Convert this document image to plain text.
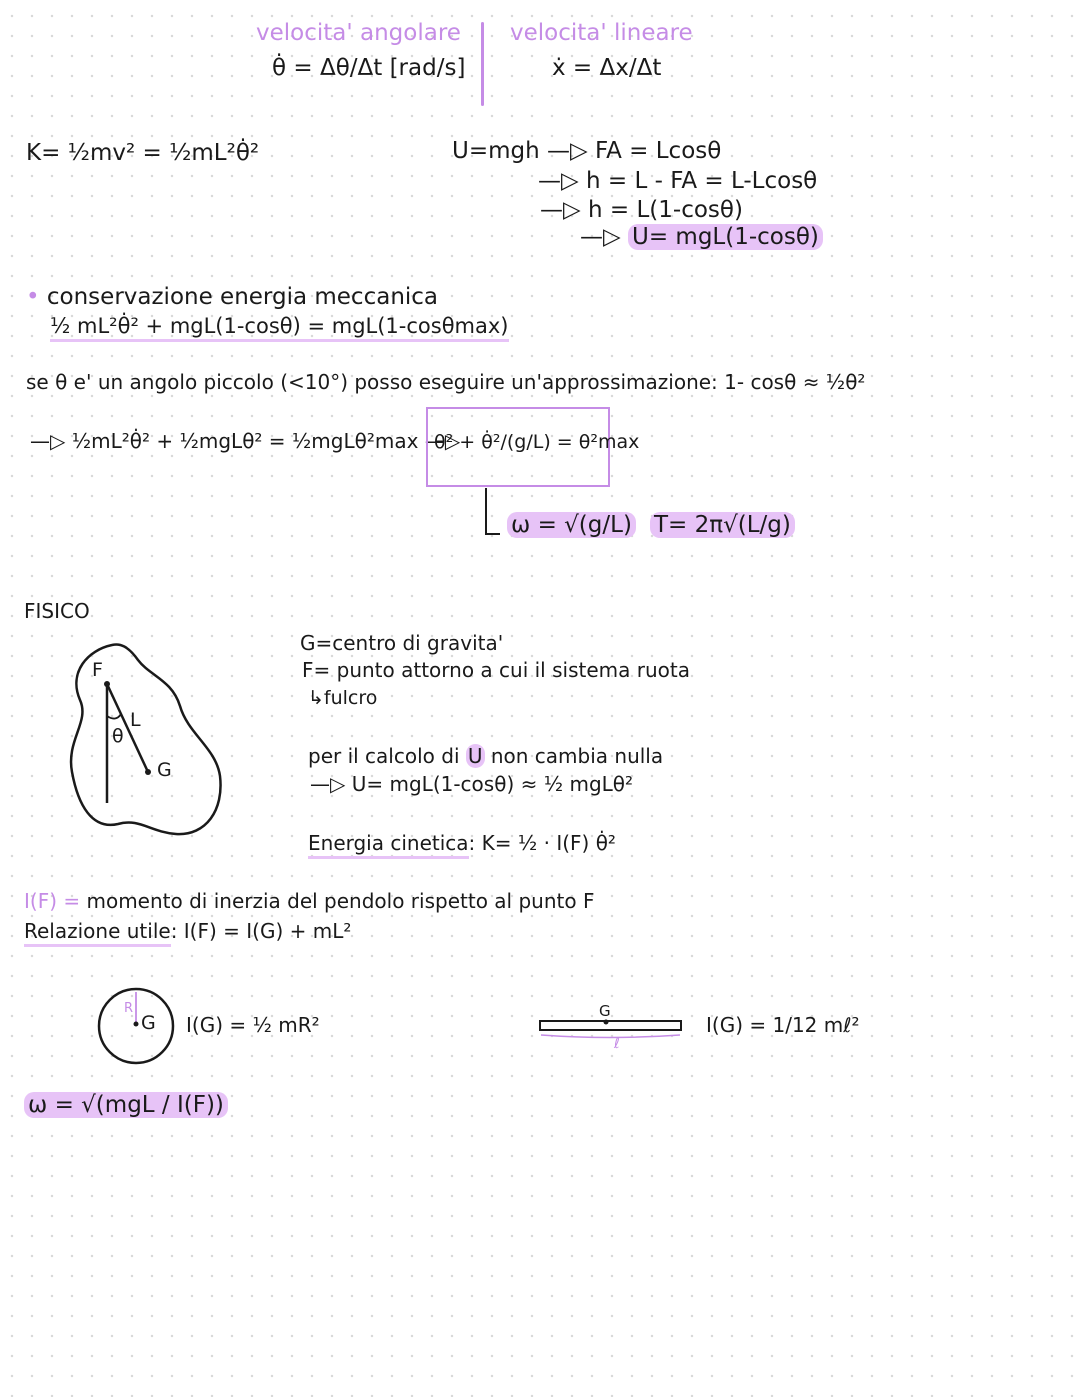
velocita' angolare
θ̇ = Δθ/Δt [rad/s]
velocita' lineare
ẋ = Δx/Δt
K= ½mv² = ½mL²θ̇²	U=mgh —▷ FA = Lcosθ
—▷ h = L - FA = L-Lcosθ
—▷ h = L(1-cosθ)
—▷ U= mgL(1-cosθ)
• conservazione energia meccanica
½ mL²θ̇² + mgL(1-cosθ) = mgL(1-cosθmax)
se θ e' un angolo piccolo (<10°) posso eseguire un'approssimazione: 1- cosθ ≈ ½θ²
—▷ ½mL²θ̇² + ½mgLθ² = ½mgLθ²max —▷
θ² + θ̇²/(g/L) = θ²max
ω = √(g/L) T= 2π√(L/g)
FISICO
F
G
L
θ
G=centro di gravita'
F= punto attorno a cui il sistema ruota
↳fulcro
per il calcolo di U non cambia nulla
—▷ U= mgL(1-cosθ) ≈ ½ mgLθ²
Energia cinetica: K= ½ · I(F) θ̇²
I(F) = momento di inerzia del pendolo rispetto al punto F
Relazione utile: I(F) = I(G) + mL²
R
G I(G) = ½ mR²
G
ℓ
I(G) = 1/12 mℓ²
ω = √(mgL / I(F))
